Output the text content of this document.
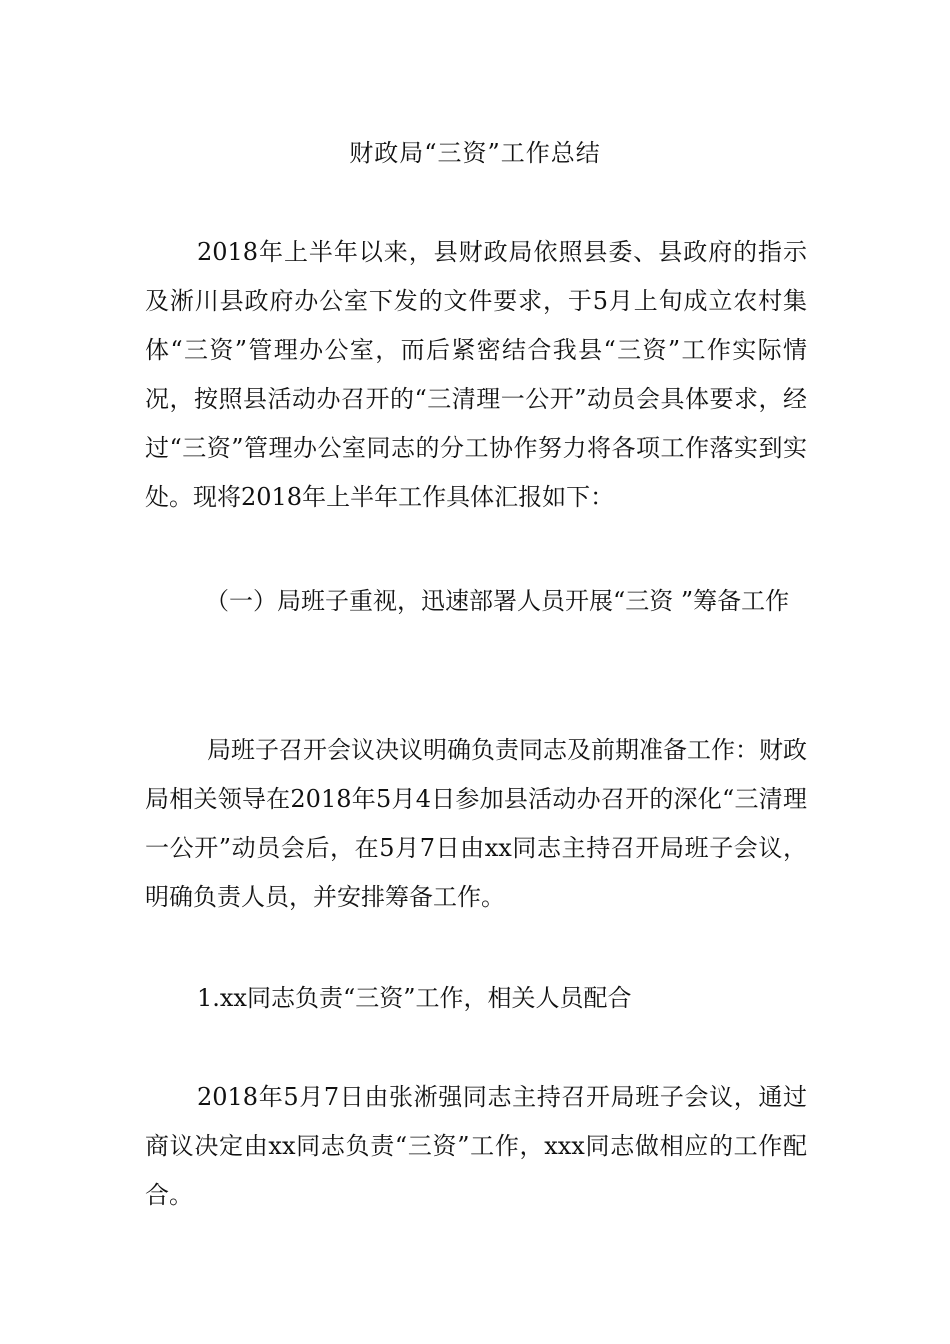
财政局“三资”工作总结

2018年上半年以来，县财政局依照县委、县政府的指示及淅川县政府办公室下发的文件要求，于5月上旬成立农村集体“三资”管理办公室，而后紧密结合我县“三资”工作实际情况，按照县活动办召开的“三清理一公开”动员会具体要求，经过“三资”管理办公室同志的分工协作努力将各项工作落实到实处。现将2018年上半年工作具体汇报如下：

（一）局班子重视，迅速部署人员开展“三资 ”筹备工作

局班子召开会议决议明确负责同志及前期准备工作：财政局相关领导在2018年5月4日参加县活动办召开的深化“三清理一公开”动员会后，在5月7日由xx同志主持召开局班子会议，明确负责人员，并安排筹备工作。

1.xx同志负责“三资”工作，相关人员配合

2018年5月7日由张淅强同志主持召开局班子会议，通过商议决定由xx同志负责“三资”工作，xxx同志做相应的工作配合。
